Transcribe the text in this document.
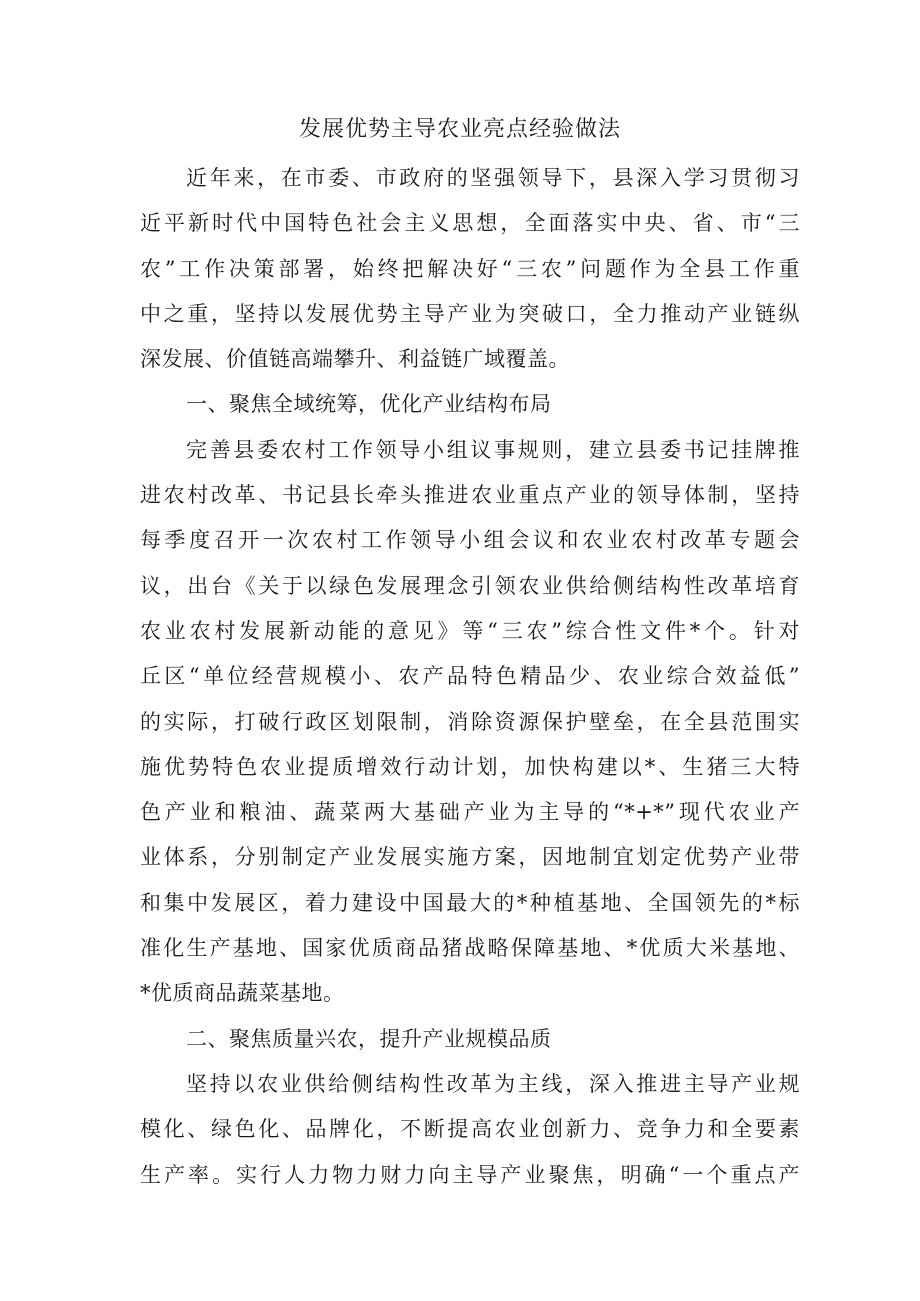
发展优势主导农业亮点经验做法
近年来，在市委、市政府的坚强领导下，县深入学习贯彻习
近平新时代中国特色社会主义思想，全面落实中央、省、市“三
农”工作决策部署，始终把解决好“三农”问题作为全县工作重
中之重，坚持以发展优势主导产业为突破口，全力推动产业链纵
深发展、价值链高端攀升、利益链广域覆盖。
一、聚焦全域统筹，优化产业结构布局
完善县委农村工作领导小组议事规则，建立县委书记挂牌推
进农村改革、书记县长牵头推进农业重点产业的领导体制，坚持
每季度召开一次农村工作领导小组会议和农业农村改革专题会
议，出台《关于以绿色发展理念引领农业供给侧结构性改革培育
农业农村发展新动能的意见》等“三农”综合性文件*个。针对
丘区“单位经营规模小、农产品特色精品少、农业综合效益低”
的实际，打破行政区划限制，消除资源保护壁垒，在全县范围实
施优势特色农业提质增效行动计划，加快构建以*、生猪三大特
色产业和粮油、蔬菜两大基础产业为主导的“*+*”现代农业产
业体系，分别制定产业发展实施方案，因地制宜划定优势产业带
和集中发展区，着力建设中国最大的*种植基地、全国领先的*标
准化生产基地、国家优质商品猪战略保障基地、*优质大米基地、
*优质商品蔬菜基地。
二、聚焦质量兴农，提升产业规模品质
坚持以农业供给侧结构性改革为主线，深入推进主导产业规
模化、绿色化、品牌化，不断提高农业创新力、竞争力和全要素
生产率。实行人力物力财力向主导产业聚焦，明确“一个重点产
